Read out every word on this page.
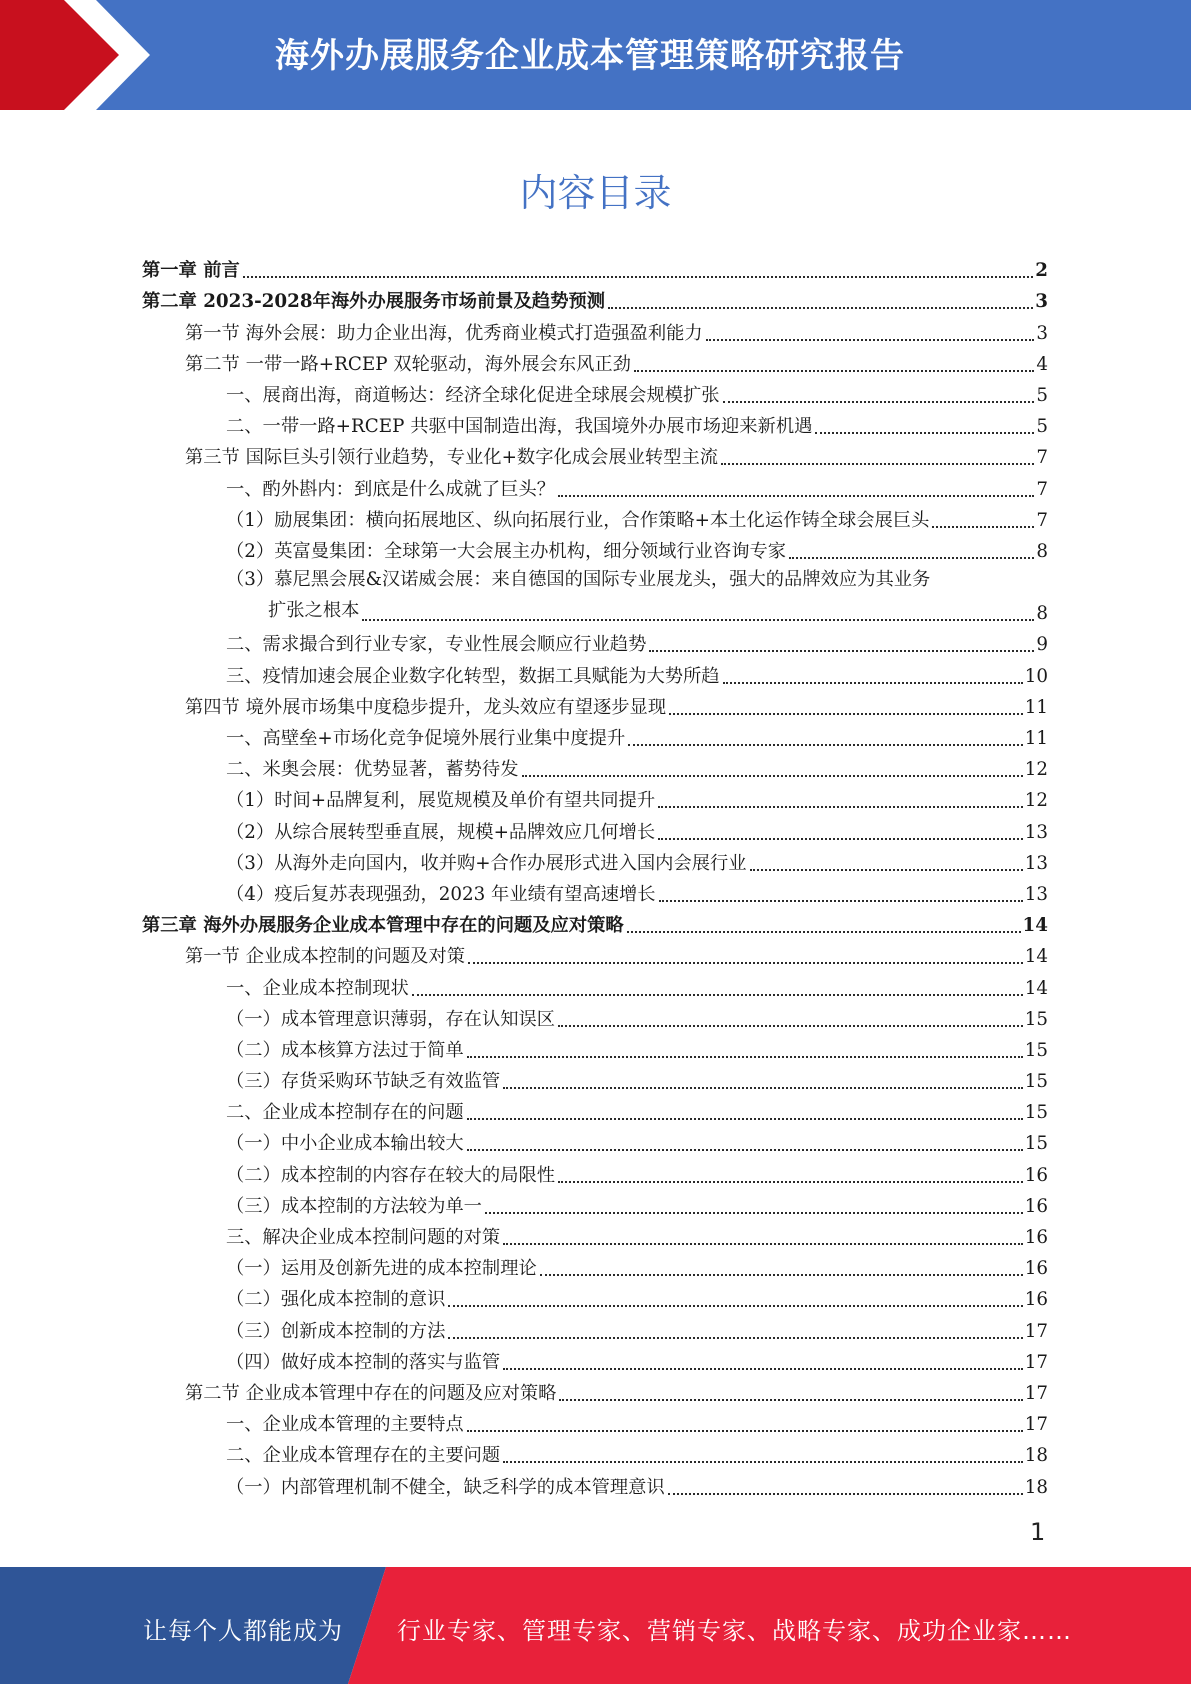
海外办展服务企业成本管理策略研究报告
内容目录
第一章 前言	2
第二章 2023-2028年海外办展服务市场前景及趋势预测	3
第一节 海外会展：助力企业出海，优秀商业模式打造强盈利能力	3
第二节 一带一路+RCEP 双轮驱动，海外展会东风正劲	4
一、展商出海，商道畅达：经济全球化促进全球展会规模扩张	5
二、一带一路+RCEP 共驱中国制造出海，我国境外办展市场迎来新机遇	5
第三节 国际巨头引领行业趋势，专业化+数字化成会展业转型主流	7
一、酌外斟内：到底是什么成就了巨头？	7
（1）励展集团：横向拓展地区、纵向拓展行业，合作策略+本土化运作铸全球会展巨头	7
（2）英富曼集团：全球第一大会展主办机构，细分领域行业咨询专家	8
（3）慕尼黑会展&汉诺威会展：来自德国的国际专业展龙头，强大的品牌效应为其业务
扩张之根本	8
二、需求撮合到行业专家，专业性展会顺应行业趋势	9
三、疫情加速会展企业数字化转型，数据工具赋能为大势所趋	10
第四节 境外展市场集中度稳步提升，龙头效应有望逐步显现	11
一、高壁垒+市场化竞争促境外展行业集中度提升	11
二、米奥会展：优势显著，蓄势待发	12
（1）时间+品牌复利，展览规模及单价有望共同提升	12
（2）从综合展转型垂直展，规模+品牌效应几何增长	13
（3）从海外走向国内，收并购+合作办展形式进入国内会展行业	13
（4）疫后复苏表现强劲，2023 年业绩有望高速增长	13
第三章 海外办展服务企业成本管理中存在的问题及应对策略	14
第一节 企业成本控制的问题及对策	14
一、企业成本控制现状	14
（一）成本管理意识薄弱，存在认知误区	15
（二）成本核算方法过于简单	15
（三）存货采购环节缺乏有效监管	15
二、企业成本控制存在的问题	15
（一）中小企业成本输出较大	15
（二）成本控制的内容存在较大的局限性	16
（三）成本控制的方法较为单一	16
三、解决企业成本控制问题的对策	16
（一）运用及创新先进的成本控制理论	16
（二）强化成本控制的意识	16
（三）创新成本控制的方法	17
（四）做好成本控制的落实与监管	17
第二节 企业成本管理中存在的问题及应对策略	17
一、企业成本管理的主要特点	17
二、企业成本管理存在的主要问题	18
（一）内部管理机制不健全，缺乏科学的成本管理意识	18
1
让每个人都能成为 行业专家、管理专家、营销专家、战略专家、成功企业家……
